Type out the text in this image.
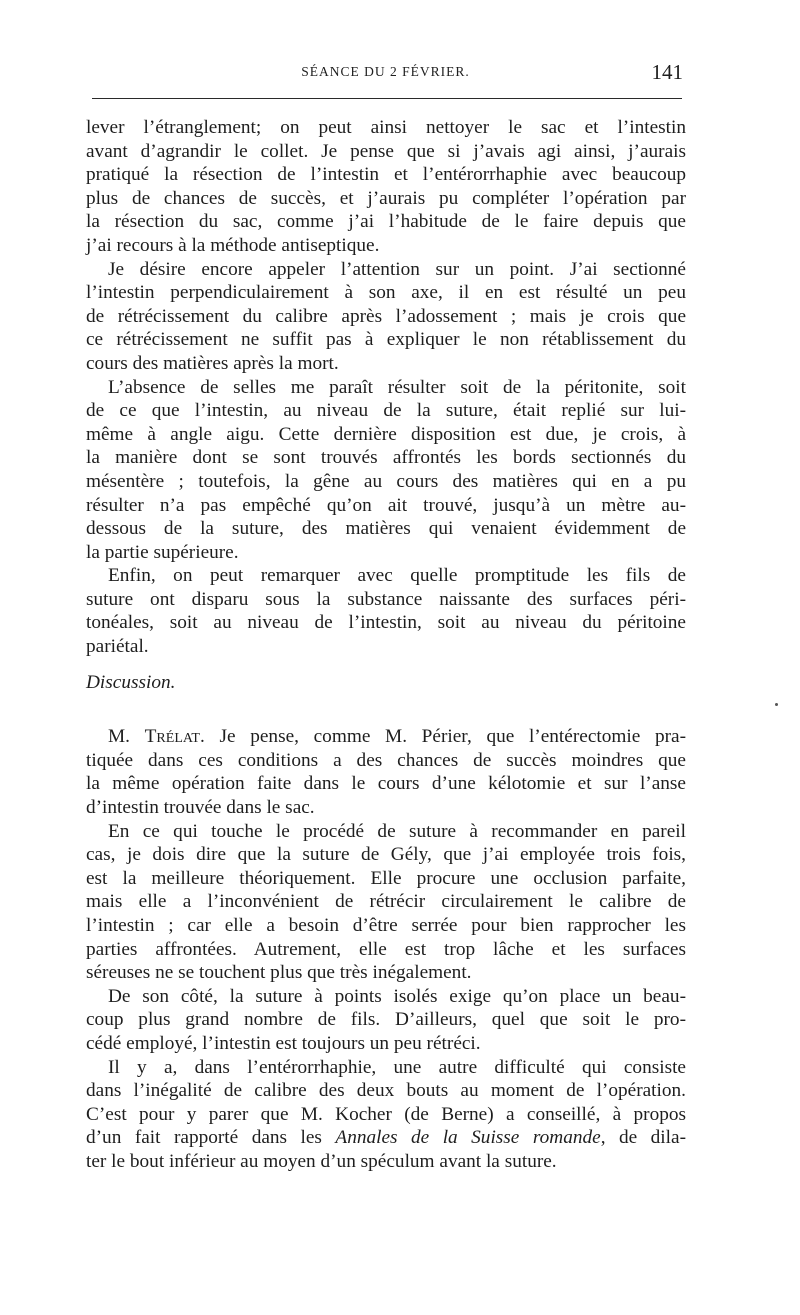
SÉANCE DU 2 FÉVRIER.	141

lever l’étranglement; on peut ainsi nettoyer le sac et l’intestin
avant d’agrandir le collet. Je pense que si j’avais agi ainsi, j’aurais
pratiqué la résection de l’intestin et l’entérorrhaphie avec beaucoup
plus de chances de succès, et j’aurais pu compléter l’opération par
la résection du sac, comme j’ai l’habitude de le faire depuis que
j’ai recours à la méthode antiseptique.

Je désire encore appeler l’attention sur un point. J’ai sectionné
l’intestin perpendiculairement à son axe, il en est résulté un peu
de rétrécissement du calibre après l’adossement ; mais je crois que
ce rétrécissement ne suffit pas à expliquer le non rétablissement du
cours des matières après la mort.

L’absence de selles me paraît résulter soit de la péritonite, soit
de ce que l’intestin, au niveau de la suture, était replié sur lui-
même à angle aigu. Cette dernière disposition est due, je crois, à
la manière dont se sont trouvés affrontés les bords sectionnés du
mésentère ; toutefois, la gêne au cours des matières qui en a pu
résulter n’a pas empêché qu’on ait trouvé, jusqu’à un mètre au-
dessous de la suture, des matières qui venaient évidemment de
la partie supérieure.

Enfin, on peut remarquer avec quelle promptitude les fils de
suture ont disparu sous la substance naissante des surfaces péri-
tonéales, soit au niveau de l’intestin, soit au niveau du péritoine
pariétal.

Discussion.

M. Trélat. Je pense, comme M. Périer, que l’entérectomie pra-
tiquée dans ces conditions a des chances de succès moindres que
la même opération faite dans le cours d’une kélotomie et sur l’anse
d’intestin trouvée dans le sac.

En ce qui touche le procédé de suture à recommander en pareil
cas, je dois dire que la suture de Gély, que j’ai employée trois fois,
est la meilleure théoriquement. Elle procure une occlusion parfaite,
mais elle a l’inconvénient de rétrécir circulairement le calibre de
l’intestin ; car elle a besoin d’être serrée pour bien rapprocher les
parties affrontées. Autrement, elle est trop lâche et les surfaces
séreuses ne se touchent plus que très inégalement.

De son côté, la suture à points isolés exige qu’on place un beau-
coup plus grand nombre de fils. D’ailleurs, quel que soit le pro-
cédé employé, l’intestin est toujours un peu rétréci.

Il y a, dans l’entérorrhaphie, une autre difficulté qui consiste
dans l’inégalité de calibre des deux bouts au moment de l’opération.
C’est pour y parer que M. Kocher (de Berne) a conseillé, à propos
d’un fait rapporté dans les Annales de la Suisse romande, de dila-
ter le bout inférieur au moyen d’un spéculum avant la suture.
